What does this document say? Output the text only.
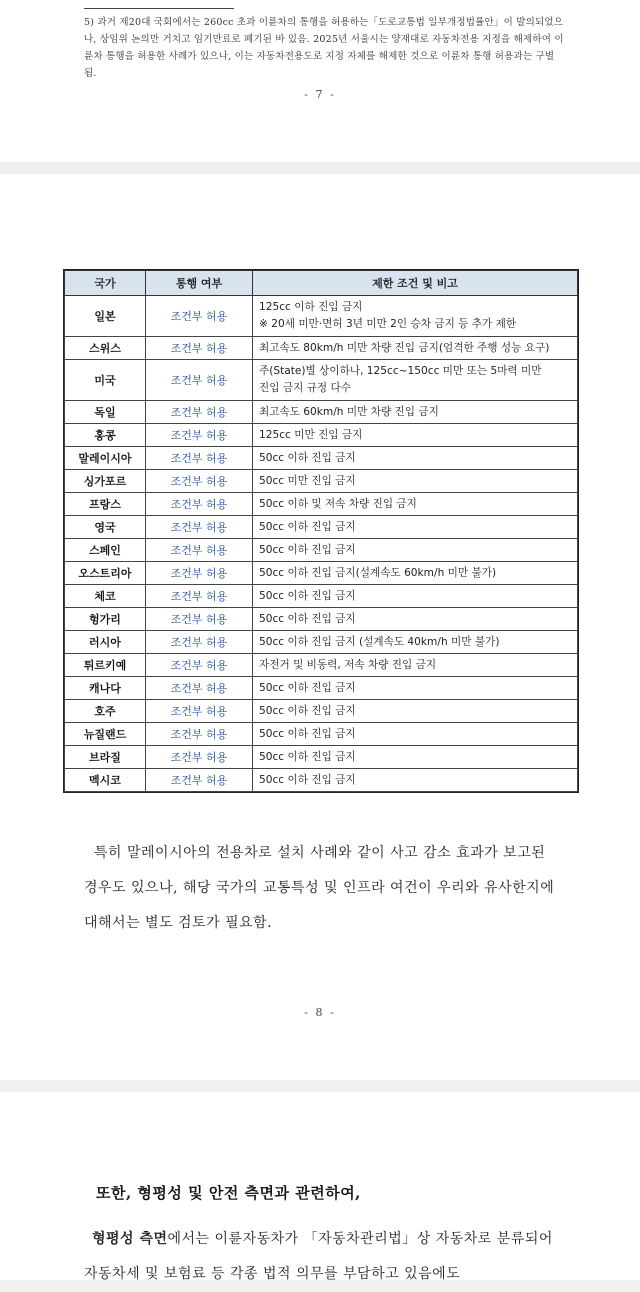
5) 과거 제20대 국회에서는 260cc 초과 이륜차의 통행을 허용하는「도로교통법 일부개정법률안」이 발의되었으나, 상임위 논의만 거치고 임기만료로 폐기된 바 있음. 2025년 서울시는 양재대로 자동차전용 지정을 해제하여 이륜차 통행을 허용한 사례가 있으나, 이는 자동차전용도로 지정 자체를 해제한 것으로 이륜차 통행 허용과는 구별됨.
- 7 -
국가	통행 여부	제한 조건 및 비고
일본	조건부 허용	125cc 이하 진입 금지
※ 20세 미만·면허 3년 미만 2인 승차 금지 등 추가 제한

스위스	조건부 허용	최고속도 80km/h 미만 차량 진입 금지(엄격한 주행 성능 요구)

미국	조건부 허용	주(State)별 상이하나, 125cc~150cc 미만 또는 5마력 미만
진입 금지 규정 다수

독일	조건부 허용	최고속도 60km/h 미만 차량 진입 금지

홍콩	조건부 허용	125cc 미만 진입 금지

말레이시아	조건부 허용	50cc 이하 진입 금지

싱가포르	조건부 허용	50cc 미만 진입 금지

프랑스	조건부 허용	50cc 이하 및 저속 차량 진입 금지

영국	조건부 허용	50cc 이하 진입 금지

스페인	조건부 허용	50cc 이하 진입 금지

오스트리아	조건부 허용	50cc 이하 진입 금지(설계속도 60km/h 미만 불가)

체코	조건부 허용	50cc 이하 진입 금지

헝가리	조건부 허용	50cc 이하 진입 금지

러시아	조건부 허용	50cc 이하 진입 금지 (설계속도 40km/h 미만 불가)

튀르키예	조건부 허용	자전거 및 비동력, 저속 차량 진입 금지

캐나다	조건부 허용	50cc 이하 진입 금지

호주	조건부 허용	50cc 이하 진입 금지

뉴질랜드	조건부 허용	50cc 이하 진입 금지

브라질	조건부 허용	50cc 이하 진입 금지

멕시코	조건부 허용	50cc 이하 진입 금지
특히 말레이시아의 전용차로 설치 사례와 같이 사고 감소 효과가 보고된 경우도 있으나, 해당 국가의 교통특성 및 인프라 여건이 우리와 유사한지에 대해서는 별도 검토가 필요함.
- 8 -
또한, 형평성 및 안전 측면과 관련하여,
형평성 측면에서는 이륜자동차가 「자동차관리법」상 자동차로 분류되어 자동차세 및 보험료 등 각종 법적 의무를 부담하고 있음에도
